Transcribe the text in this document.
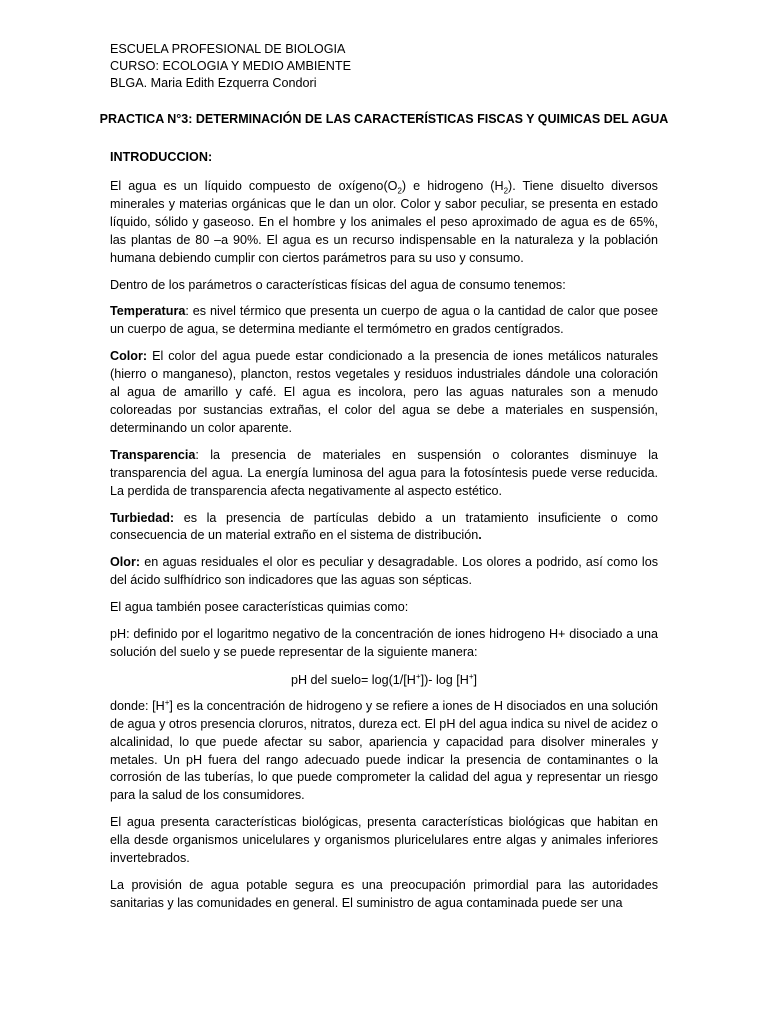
ESCUELA PROFESIONAL DE BIOLOGIA

CURSO: ECOLOGIA Y MEDIO AMBIENTE

BLGA. Maria Edith Ezquerra Condori

PRACTICA N°3: DETERMINACIÓN DE LAS CARACTERÍSTICAS FISCAS Y QUIMICAS DEL AGUA
INTRODUCCION:

El agua es un líquido compuesto de $oxígeno(O_2)$ e hidrogeno $(H_2)$. Tiene disuelto diversos minerales y materias orgánicas que le dan un olor. Color y sabor peculiar, se presenta en estado líquido, sólido y gaseoso. En el hombre y los animales el peso aproximado de agua es de 65%, las plantas de 80 –a 90%. El agua es un recurso indispensable en la naturaleza y la población humana debiendo cumplir con ciertos parámetros para su uso y consumo.

Dentro de los parámetros o características físicas del agua de consumo tenemos:

Temperatura: es nivel térmico que presenta un cuerpo de agua o la cantidad de calor que posee un cuerpo de agua, se determina mediante el termómetro en grados centígrados.

Color: El color del agua puede estar condicionado a la presencia de iones metálicos naturales (hierro o manganeso), plancton, restos vegetales y residuos industriales dándole una coloración al agua de amarillo y café. El agua es incolora, pero las aguas naturales son a menudo coloreadas por sustancias extrañas, el color del agua se debe a materiales en suspensión, determinando un color aparente.

Transparencia: la presencia de materiales en suspensión o colorantes disminuye la transparencia del agua. La energía luminosa del agua para la fotosíntesis puede verse reducida. La perdida de transparencia afecta negativamente al aspecto estético.

Turbiedad: es la presencia de partículas debido a un tratamiento insuficiente o como consecuencia de un material extraño en el sistema de distribución.

Olor: en aguas residuales el olor es peculiar y desagradable. Los olores a podrido, así como los del ácido sulfhídrico son indicadores que las aguas son sépticas.

El agua también posee características quimias como:

pH: definido por el logaritmo negativo de la concentración de iones hidrogeno H+ disociado a una solución del suelo y se puede representar de la siguiente manera:

pH del suelo= log(1/[H+])- log [H+]

donde: [H+] es la concentración de hidrogeno y se refiere a iones de H disociados en una solución de agua y otros presencia cloruros, nitratos, dureza ect. El pH del agua indica su nivel de acidez o alcalinidad, lo que puede afectar su sabor, apariencia y capacidad para disolver minerales y metales. Un pH fuera del rango adecuado puede indicar la presencia de contaminantes o la corrosión de las tuberías, lo que puede comprometer la calidad del agua y representar un riesgo para la salud de los consumidores.

El agua presenta características biológicas, presenta características biológicas que habitan en ella desde organismos unicelulares y organismos pluricelulares entre algas y animales inferiores invertebrados.

La provisión de agua potable segura es una preocupación primordial para las autoridades sanitarias y las comunidades en general. El suministro de agua contaminada puede ser una
